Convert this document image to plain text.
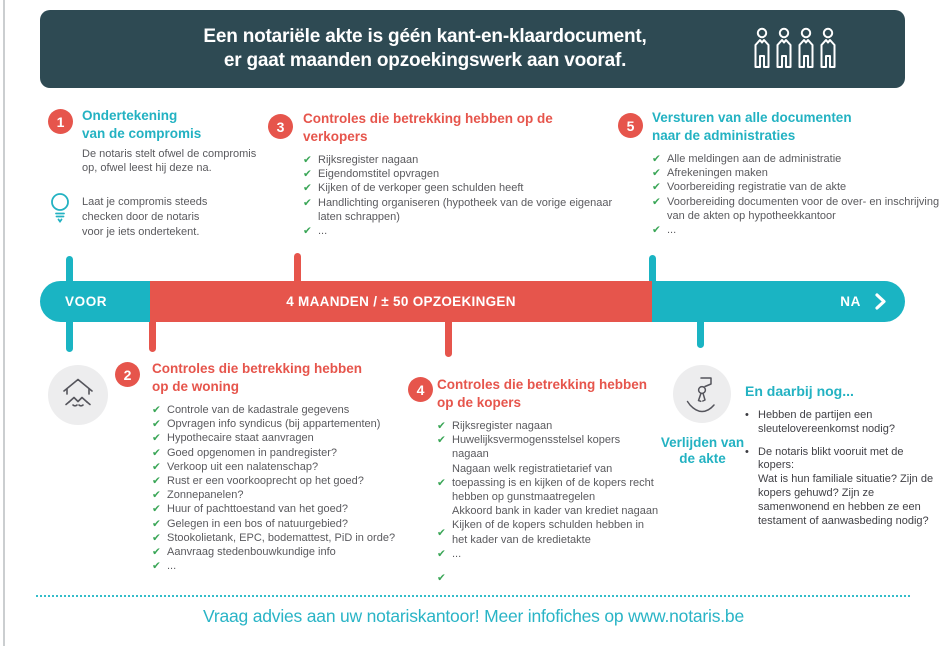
Een notariële akte is géén kant-en-klaardocument,
er gaat maanden opzoekingswerk aan vooraf.
1	Ondertekening
van de compromis
De notaris stelt ofwel de compromis
op, ofwel leest hij deze na.
Laat je compromis steeds
checken door de notaris
voor je iets ondertekent.
3	Controles die betrekking hebben op de
verkopers
✔ Rijksregister nagaan
✔ Eigendomstitel opvragen
✔ Kijken of de verkoper geen schulden heeft
✔ Handlichting organiseren (hypotheek van de vorige eigenaar laten schrappen)
✔ ...
5	Versturen van alle documenten
naar de administraties
✔ Alle meldingen aan de administratie
✔ Afrekeningen maken
✔ Voorbereiding registratie van de akte
✔ Voorbereiding documenten voor de over- en inschrijving van de akten op hypotheekkantoor
✔ ...
VOOR	4 MAANDEN / ± 50 OPZOEKINGEN	NA
2	Controles die betrekking hebben
op de woning
✔ Controle van de kadastrale gegevens
✔ Opvragen info syndicus (bij appartementen)
✔ Hypothecaire staat aanvragen
✔ Goed opgenomen in pandregister?
✔ Verkoop uit een nalatenschap?
✔ Rust er een voorkooprecht op het goed?
✔ Zonnepanelen?
✔ Huur of pachttoestand van het goed?
✔ Gelegen in een bos of natuurgebied?
✔ Stookolietank, EPC, bodemattest, PiD in orde?
✔ Aanvraag stedenbouwkundige info
✔ ...
4 Controles die betrekking hebben
op de kopers
✔ Rijksregister nagaan
✔ Huwelijksvermogensstelsel kopers nagaan
✔
Nagaan welk registratietarief van toepassing is en kijken of de kopers recht hebben op gunstmaatregelen
Akkoord bank in kader van krediet nagaan
✔
Kijken of de kopers schulden hebben in het kader van de kredietakte
✔ ...
✔
Verlijden van
de akte
En daarbij nog...
• Hebben de partijen een sleutelovereenkomst nodig?
• De notaris blikt vooruit met de kopers:
Wat is hun familiale situatie? Zijn de kopers gehuwd? Zijn ze samenwonend en hebben ze een testament of aanwasbeding nodig?
Vraag advies aan uw notariskantoor! Meer infofiches op www.notaris.be
